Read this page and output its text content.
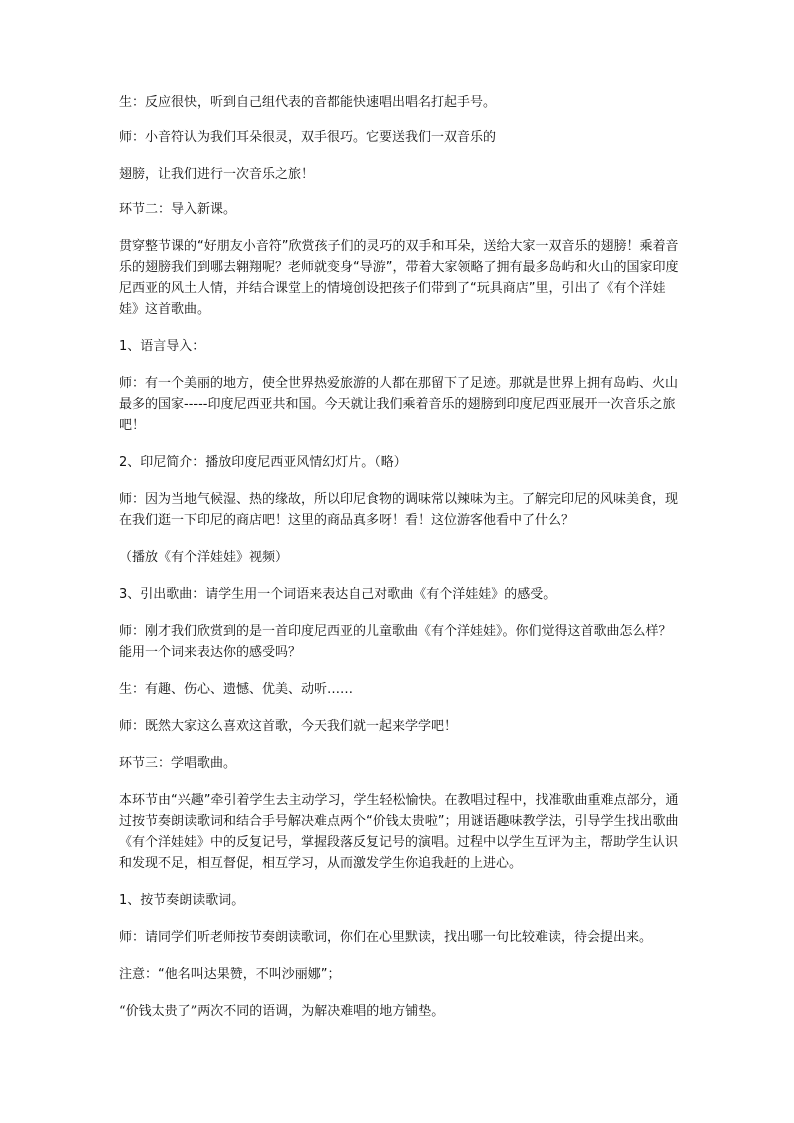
生：反应很快，听到自己组代表的音都能快速唱出唱名打起手号。

师：小音符认为我们耳朵很灵，双手很巧。它要送我们一双音乐的

翅膀，让我们进行一次音乐之旅！

环节二：导入新课。

贯穿整节课的“好朋友小音符”欣赏孩子们的灵巧的双手和耳朵，送给大家一双音乐的翅膀！乘着音乐的翅膀我们到哪去翱翔呢？老师就变身“导游”，带着大家领略了拥有最多岛屿和火山的国家印度尼西亚的风土人情，并结合课堂上的情境创设把孩子们带到了“玩具商店”里，引出了《有个洋娃娃》这首歌曲。

1、语言导入：

师：有一个美丽的地方，使全世界热爱旅游的人都在那留下了足迹。那就是世界上拥有岛屿、火山最多的国家-----印度尼西亚共和国。今天就让我们乘着音乐的翅膀到印度尼西亚展开一次音乐之旅吧！

2、印尼简介：播放印度尼西亚风情幻灯片。（略）

师：因为当地气候湿、热的缘故，所以印尼食物的调味常以辣味为主。了解完印尼的风味美食，现在我们逛一下印尼的商店吧！这里的商品真多呀！看！这位游客他看中了什么？

（播放《有个洋娃娃》视频）

3、引出歌曲：请学生用一个词语来表达自己对歌曲《有个洋娃娃》的感受。

师：刚才我们欣赏到的是一首印度尼西亚的儿童歌曲《有个洋娃娃》。你们觉得这首歌曲怎么样？能用一个词来表达你的感受吗？

生：有趣、伤心、遗憾、优美、动听……

师：既然大家这么喜欢这首歌，今天我们就一起来学学吧！

环节三：学唱歌曲。

本环节由“兴趣”牵引着学生去主动学习，学生轻松愉快。在教唱过程中，找准歌曲重难点部分，通过按节奏朗读歌词和结合手号解决难点两个“价钱太贵啦”；用谜语趣味教学法，引导学生找出歌曲《有个洋娃娃》中的反复记号，掌握段落反复记号的演唱。过程中以学生互评为主，帮助学生认识和发现不足，相互督促，相互学习，从而激发学生你追我赶的上进心。

1、按节奏朗读歌词。

师：请同学们听老师按节奏朗读歌词，你们在心里默读，找出哪一句比较难读，待会提出来。

注意：“他名叫达果赞，不叫沙丽娜”；

“价钱太贵了”两次不同的语调，为解决难唱的地方铺垫。
